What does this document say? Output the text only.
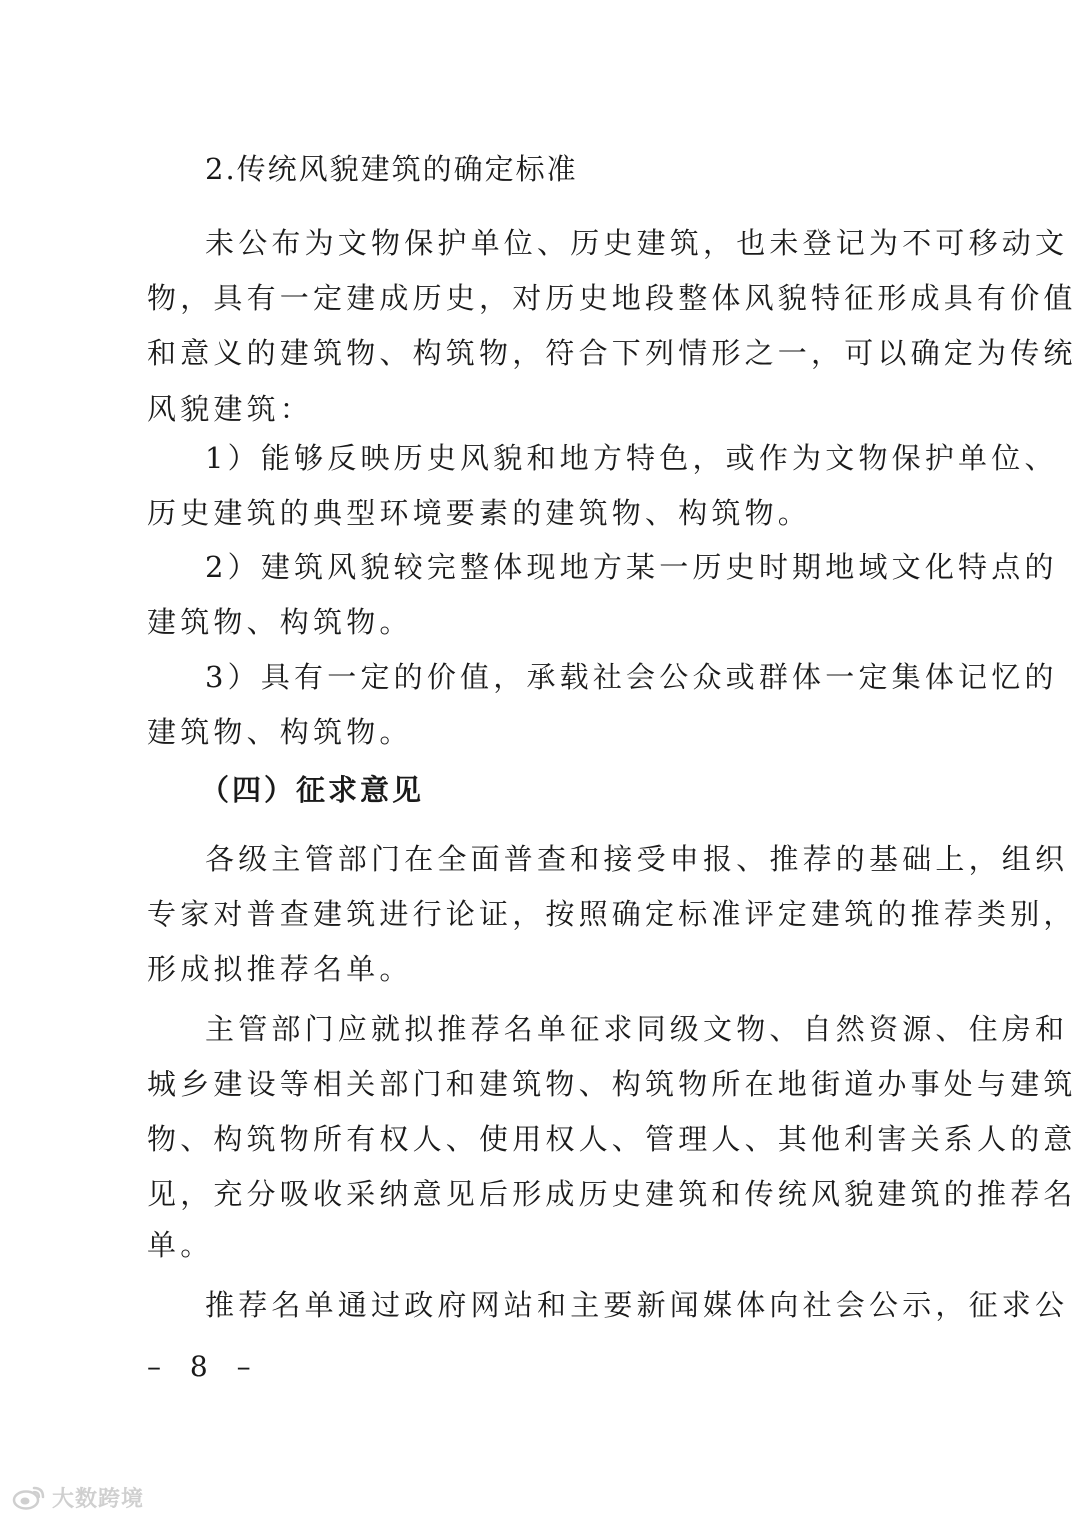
2.传统风貌建筑的确定标准
未公布为文物保护单位、历史建筑，也未登记为不可移动文
物，具有一定建成历史，对历史地段整体风貌特征形成具有价值
和意义的建筑物、构筑物，符合下列情形之一，可以确定为传统
风貌建筑：
1）能够反映历史风貌和地方特色，或作为文物保护单位、
历史建筑的典型环境要素的建筑物、构筑物。
2）建筑风貌较完整体现地方某一历史时期地域文化特点的
建筑物、构筑物。
3）具有一定的价值，承载社会公众或群体一定集体记忆的
建筑物、构筑物。
（四）征求意见
各级主管部门在全面普查和接受申报、推荐的基础上，组织
专家对普查建筑进行论证，按照确定标准评定建筑的推荐类别，
形成拟推荐名单。
主管部门应就拟推荐名单征求同级文物、自然资源、住房和
城乡建设等相关部门和建筑物、构筑物所在地街道办事处与建筑
物、构筑物所有权人、使用权人、管理人、其他利害关系人的意
见，充分吸收采纳意见后形成历史建筑和传统风貌建筑的推荐名
单。
推荐名单通过政府网站和主要新闻媒体向社会公示，征求公
– 8 –
大数跨境
